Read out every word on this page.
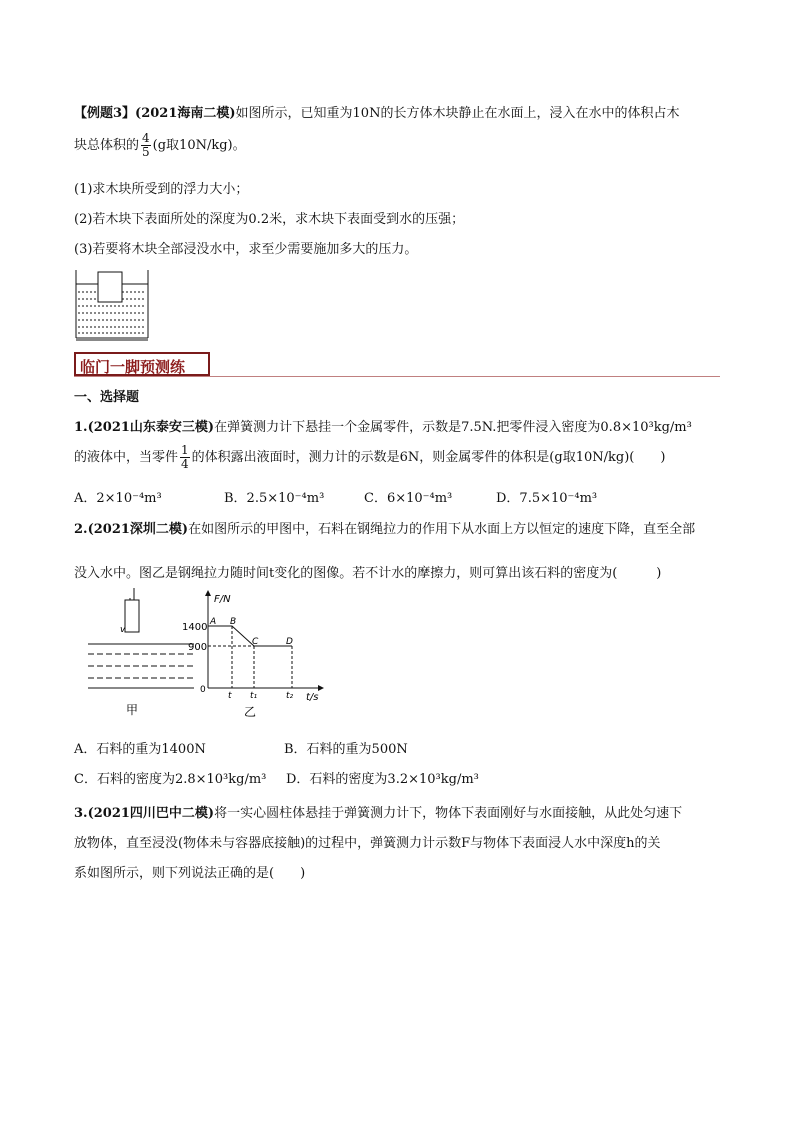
【例题3】(2021海南二模)如图所示，已知重为10N的长方体木块静止在水面上，浸入在水中的体积占木
块总体积的 $\frac{4}{5} (g$取10N/kg)。
(1)求木块所受到的浮力大小；
(2)若木块下表面所处的深度为0.2米，求木块下表面受到水的压强；
(3)若要将木块全部浸没水中，求至少需要施加多大的压力。
临门一脚预测练
一、选择题
1.(2021山东泰安三模)在弹簧测力计下悬挂一个金属零件，示数是7.5N.把零件浸入密度为0.8×10³kg/m³
的液体中，当零件 $\frac{1}{4}$ 的体积露出液面时，测力计的示数是6N，则金属零件的体积是(g取10N/kg)(　　)
A．2×10⁻⁴m³	B．2.5×10⁻⁴m³	C．6×10⁻⁴m³	D．7.5×10⁻⁴m³
2.(2021深圳二模)在如图所示的甲图中，石料在钢绳拉力的作用下从水面上方以恒定的速度下降，直至全部
没入水中。图乙是钢绳拉力随时间t变化的图像。若不计水的摩擦力，则可算出该石料的密度为(　　　)
v
甲
F/N
t/s
1400
900
0
A B
C	D
t t₁	t₂
乙
A．石料的重为1400N	B．石料的重为500N
C．石料的密度为2.8×10³kg/m³ D．石料的密度为3.2×10³kg/m³
3.(2021四川巴中二模)将一实心圆柱体悬挂于弹簧测力计下，物体下表面刚好与水面接触，从此处匀速下
放物体，直至浸没(物体未与容器底接触)的过程中，弹簧测力计示数F与物体下表面浸人水中深度h的关
系如图所示，则下列说法正确的是(　　)
